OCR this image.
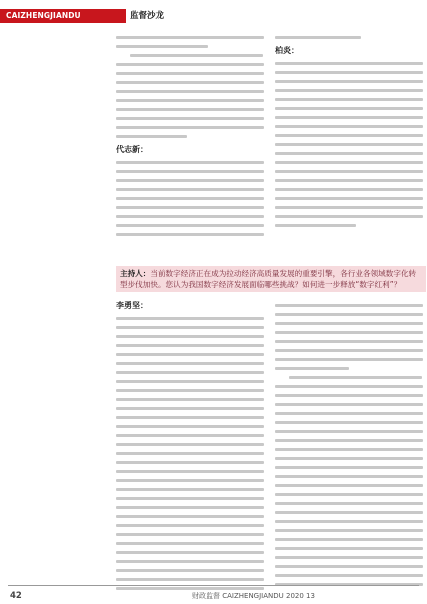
CAIZHENGJIANDU	监督沙龙
代志新：
柏炎：
主持人：当前数字经济正在成为拉动经济高质量发展的重要引擎，各行业各领域数字化转型步伐加快。您认为我国数字经济发展面临哪些挑战？如何进一步释放“数字红利”？
李勇坚：
42	财政监督 CAIZHENGJIANDU 2020 13
